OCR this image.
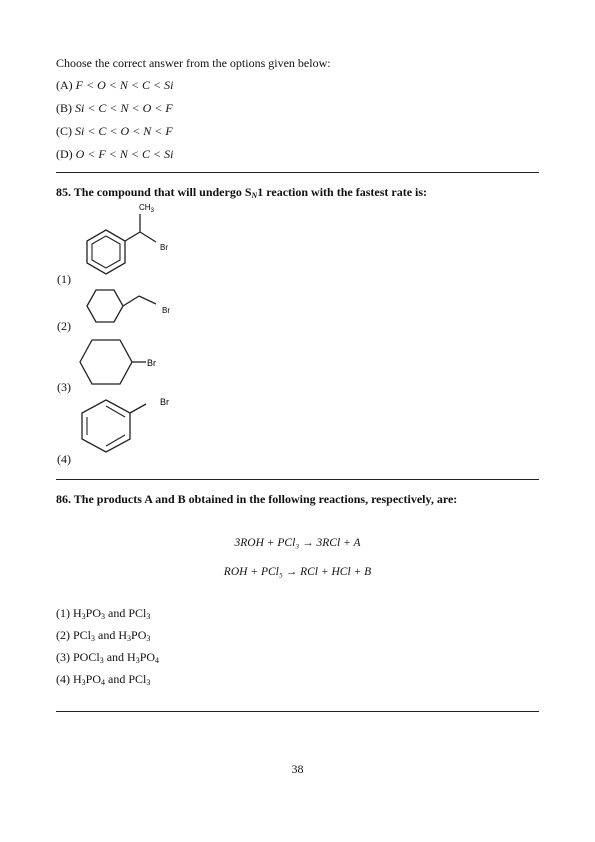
Choose the correct answer from the options given below:
(A) F < O < N < C < Si
(B) Si < C < N < O < F
(C) Si < C < O < N < F
(D) O < F < N < C < Si
85. The compound that will undergo $S_N1$ reaction with the fastest rate is:
$CH_3$
Br
(1)
Br
(2)
Br
(3)
Br
(4)
86. The products A and B obtained in the following reactions, respectively, are:
3ROH + PCl₃ → 3RCl + A
ROH + PCl₅ → RCl + HCl + B
(1) $H_3PO_3$ and PCl$_3$
(2) PCl$_3$ and $H_3PO_3$
(3) POCl$_3$ and $H_3PO_4$
(4) $H_3PO_4$ and PCl$_3$
38
